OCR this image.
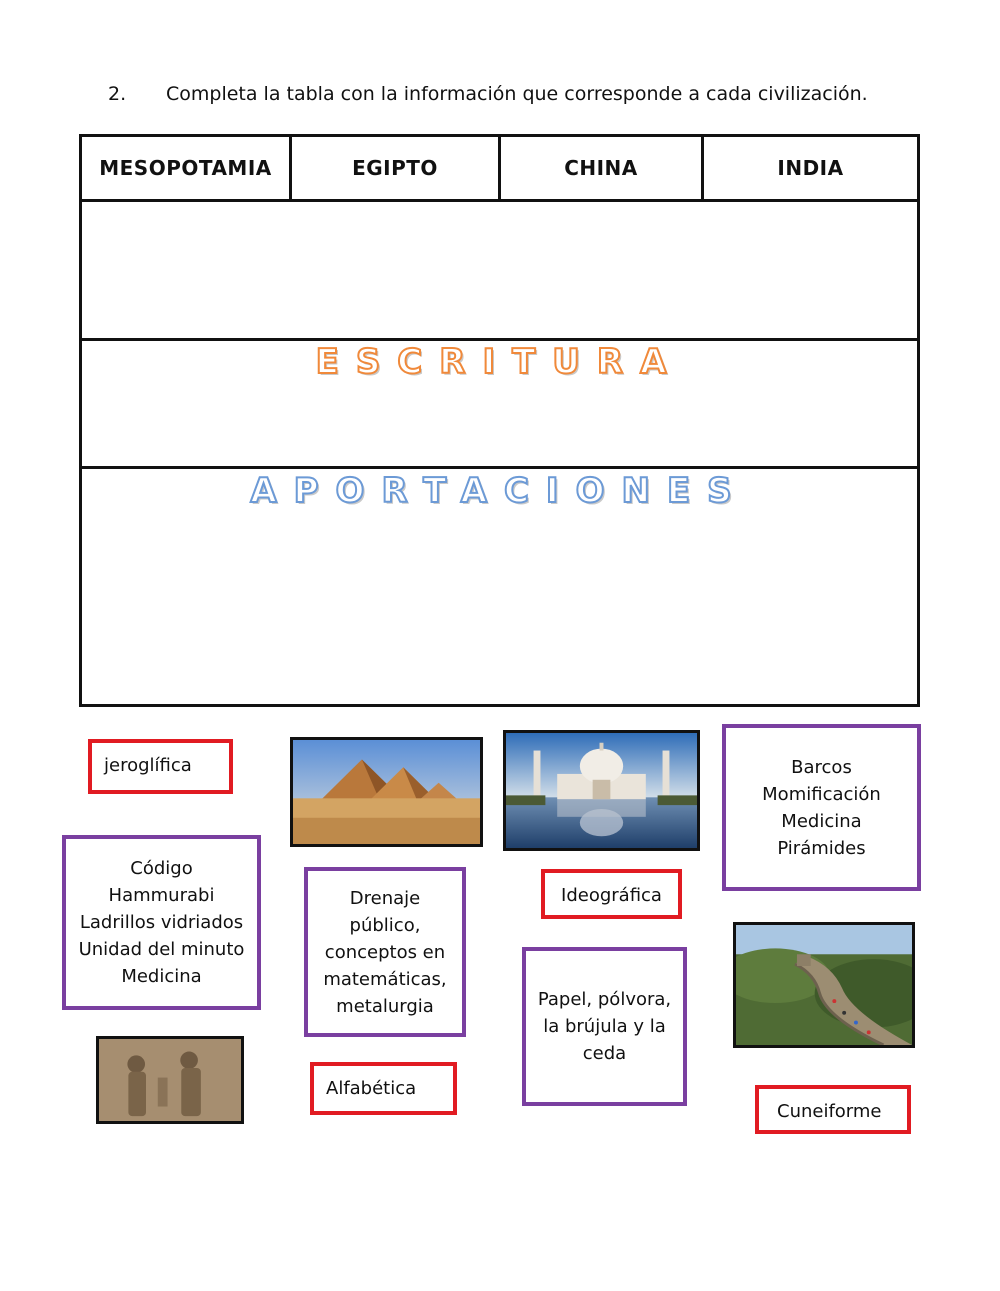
2. Completa la tabla con la información que corresponde a cada civilización.
MESOPOTAMIA	EGIPTO	CHINA	INDIA
ESCRITURA
APORTACIONES
jeroglífica
Ideográfica
Alfabética
Cuneiforme
Barcos
Momificación
Medicina
Pirámides
Código
Hammurabi
Ladrillos vidriados
Unidad del minuto
Medicina
Drenaje
público,
conceptos en
matemáticas,
metalurgia	Papel, pólvora,
la brújula y la
ceda
